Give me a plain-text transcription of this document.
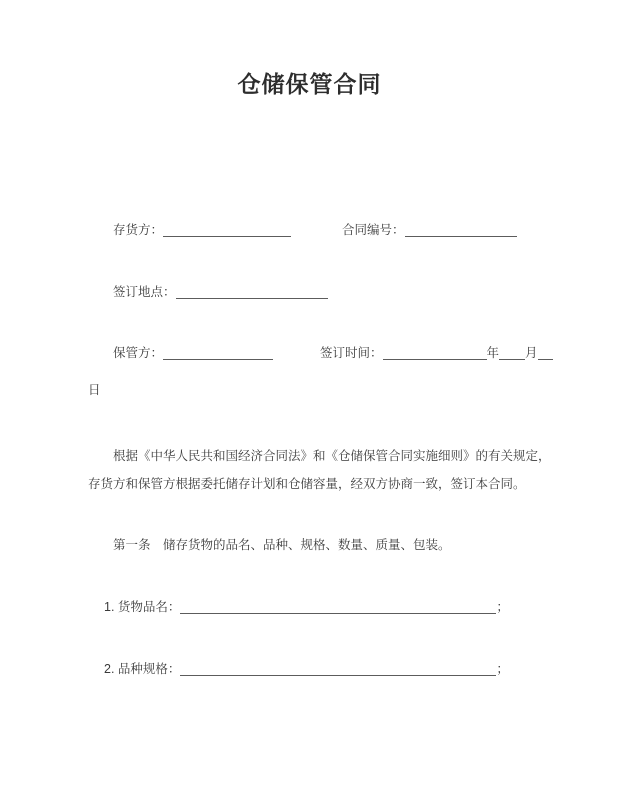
仓储保管合同
存货方：	合同编号：
签订地点：
保管方：	签订时间：	年 月
日

根据《中华人民共和国经济合同法》和《仓储保管合同实施细则》的有关规定，存货方和保管方根据委托储存计划和仓储容量，经双方协商一致，签订本合同。

第一条　储存货物的品名、品种、规格、数量、质量、包装。
1. 货物品名：	；
2. 品种规格：	；
